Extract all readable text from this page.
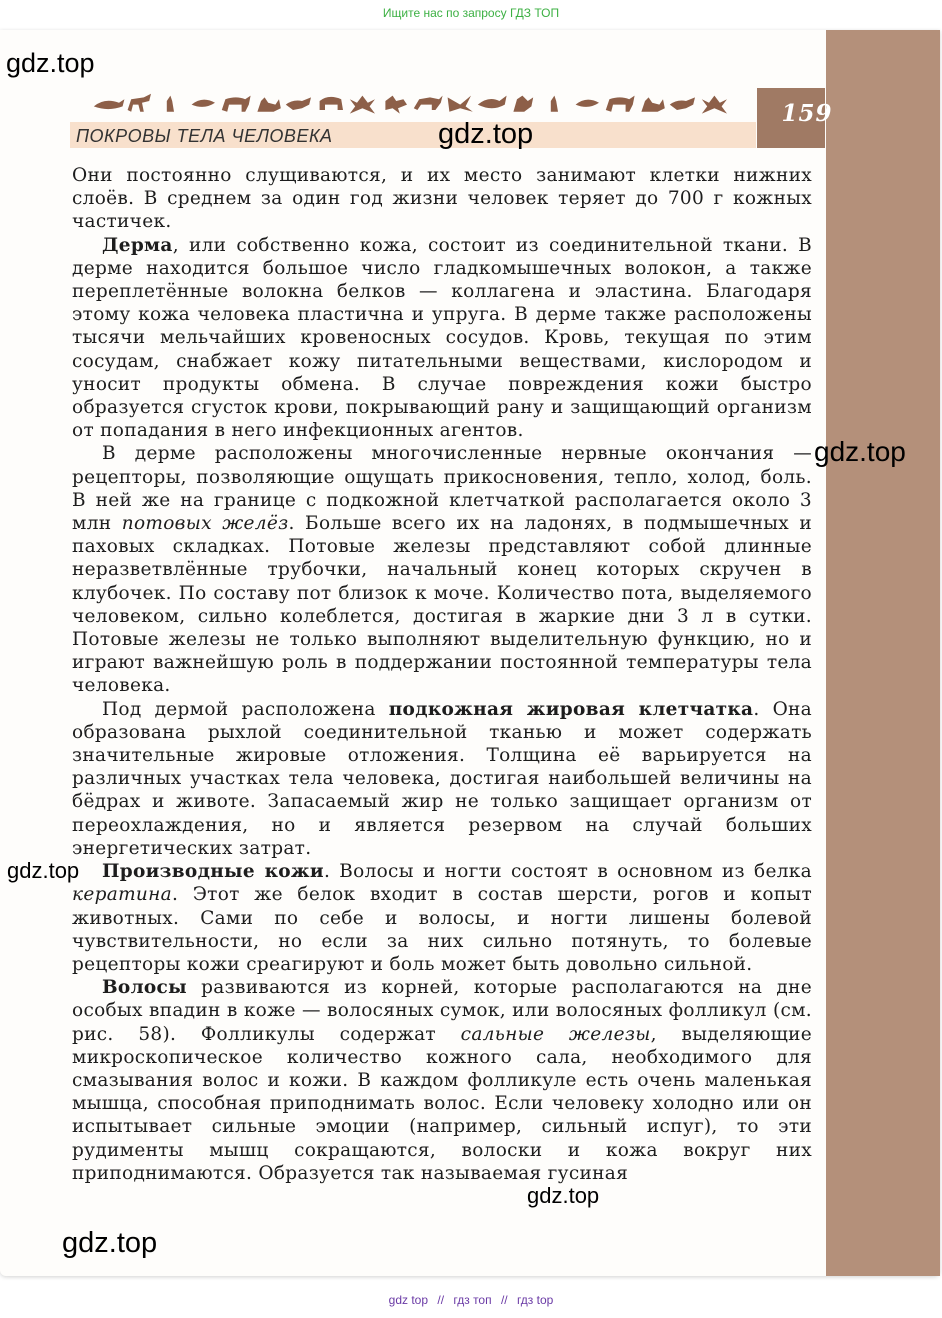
Ищите нас по запросу ГДЗ ТОП
159
ПОКРОВЫ ТЕЛА ЧЕЛОВЕКА

Они постоянно слущиваются, и их место занимают клетки нижних слоёв. В среднем за один год жизни человек теряет до 700 г кожных частичек.

Дерма, или собственно кожа, состоит из соединительной ткани. В дерме находится большое число гладкомышечных волокон, а также переплетённые волокна белков — коллагена и эластина. Благодаря этому кожа человека пластична и упруга. В дерме также расположены тысячи мельчайших кровеносных сосудов. Кровь, текущая по этим сосудам, снабжает кожу питательными веществами, кислородом и уносит продукты обмена. В случае повреждения кожи быстро образуется сгусток крови, покрывающий рану и защищающий организм от попадания в него инфекционных агентов.

В дерме расположены многочисленные нервные окончания — рецепторы, позволяющие ощущать прикосновения, тепло, холод, боль. В ней же на границе с подкожной клетчаткой располагается около 3 млн потовых желёз. Больше всего их на ладонях, в подмышечных и паховых складках. Потовые железы представляют собой длинные неразветвлённые трубочки, начальный конец которых скручен в клубочек. По составу пот близок к моче. Количество пота, выделяемого человеком, сильно колеблется, достигая в жаркие дни 3 л в сутки. Потовые железы не только выполняют выделительную функцию, но и играют важнейшую роль в поддержании постоянной температуры тела человека.

Под дермой расположена подкожная жировая клетчатка. Она образована рыхлой соединительной тканью и может содержать значительные жировые отложения. Толщина её варьируется на различных участках тела человека, достигая наибольшей величины на бёдрах и животе. Запасаемый жир не только защищает организм от переохлаждения, но и является резервом на случай больших энергетических затрат.

Производные кожи. Волосы и ногти состоят в основном из белка кератина. Этот же белок входит в состав шерсти, рогов и копыт животных. Сами по себе и волосы, и ногти лишены болевой чувствительности, но если за них сильно потянуть, то болевые рецепторы кожи среагируют и боль может быть довольно сильной.

Волосы развиваются из корней, которые располагаются на дне особых впадин в коже — волосяных сумок, или волосяных фолликул (см. рис. 58). Фолликулы содержат сальные железы, выделяющие микроскопическое количество кожного сала, необходимого для смазывания волос и кожи. В каждом фолликуле есть очень маленькая мышца, способная приподнимать волос. Если человеку холодно или он испытывает сильные эмоции (например, сильный испуг), то эти рудименты мышц сокращаются, волоски и кожа вокруг них приподнимаются. Образуется так называемая гусиная

gdz.top
gdz.top
gdz.top
gdz.top
gdz.top
gdz.top
gdz top // гдз топ // гдз top
